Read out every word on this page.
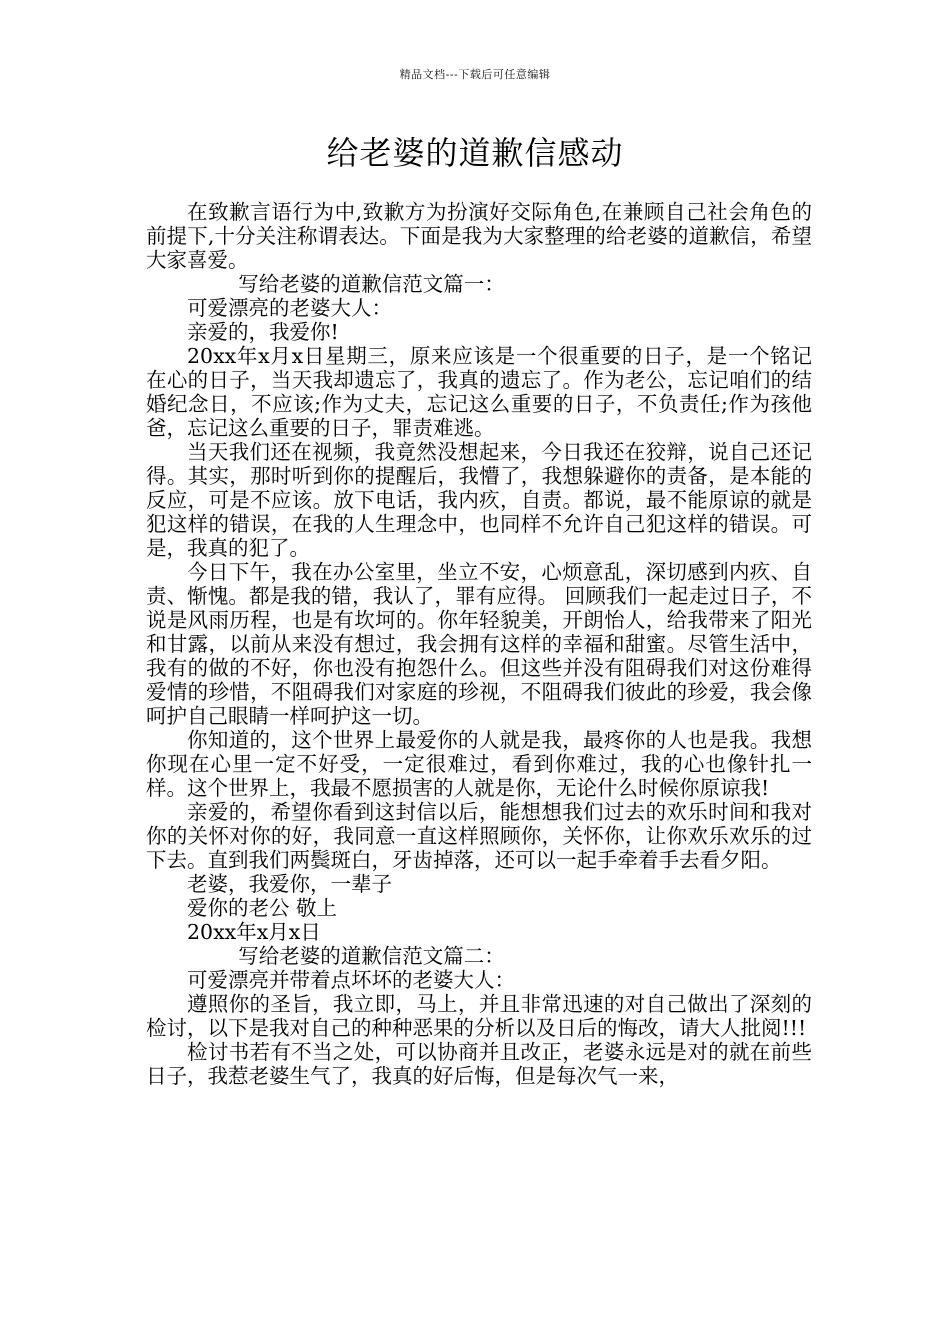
精品文档---下载后可任意编辑
给老婆的道歉信感动

在致歉言语行为中,致歉方为扮演好交际角色,在兼顾自己社会角色的前提下,十分关注称谓表达。下面是我为大家整理的给老婆的道歉信，希望大家喜爱。

写给老婆的道歉信范文篇一：

可爱漂亮的老婆大人：

亲爱的，我爱你!

20xx年x月x日星期三，原来应该是一个很重要的日子，是一个铭记在心的日子，当天我却遗忘了，我真的遗忘了。作为老公，忘记咱们的结婚纪念日，不应该;作为丈夫，忘记这么重要的日子，不负责任;作为孩他爸，忘记这么重要的日子，罪责难逃。

当天我们还在视频，我竟然没想起来，今日我还在狡辩，说自己还记得。其实，那时听到你的提醒后，我懵了，我想躲避你的责备，是本能的反应，可是不应该。放下电话，我内疚，自责。都说，最不能原谅的就是犯这样的错误，在我的人生理念中，也同样不允许自己犯这样的错误。可是，我真的犯了。

今日下午，我在办公室里，坐立不安，心烦意乱，深切感到内疚、自责、惭愧。都是我的错，我认了，罪有应得。 回顾我们一起走过日子，不说是风雨历程，也是有坎坷的。你年轻貌美，开朗怡人，给我带来了阳光和甘露，以前从来没有想过，我会拥有这样的幸福和甜蜜。尽管生活中，我有的做的不好，你也没有抱怨什么。但这些并没有阻碍我们对这份难得爱情的珍惜，不阻碍我们对家庭的珍视，不阻碍我们彼此的珍爱，我会像呵护自己眼睛一样呵护这一切。

你知道的，这个世界上最爱你的人就是我，最疼你的人也是我。我想你现在心里一定不好受，一定很难过，看到你难过，我的心也像针扎一样。这个世界上，我最不愿损害的人就是你，无论什么时候你原谅我!

亲爱的，希望你看到这封信以后，能想想我们过去的欢乐时间和我对你的关怀对你的好，我同意一直这样照顾你，关怀你，让你欢乐欢乐的过下去。直到我们两鬓斑白，牙齿掉落，还可以一起手牵着手去看夕阳。

老婆，我爱你，一辈子

爱你的老公 敬上

20xx年x月x日

写给老婆的道歉信范文篇二：

可爱漂亮并带着点坏坏的老婆大人：

遵照你的圣旨，我立即，马上，并且非常迅速的对自己做出了深刻的检讨，以下是我对自己的种种恶果的分析以及日后的悔改，请大人批阅!!!

检讨书若有不当之处，可以协商并且改正，老婆永远是对的就在前些日子，我惹老婆生气了，我真的好后悔，但是每次气一来，
